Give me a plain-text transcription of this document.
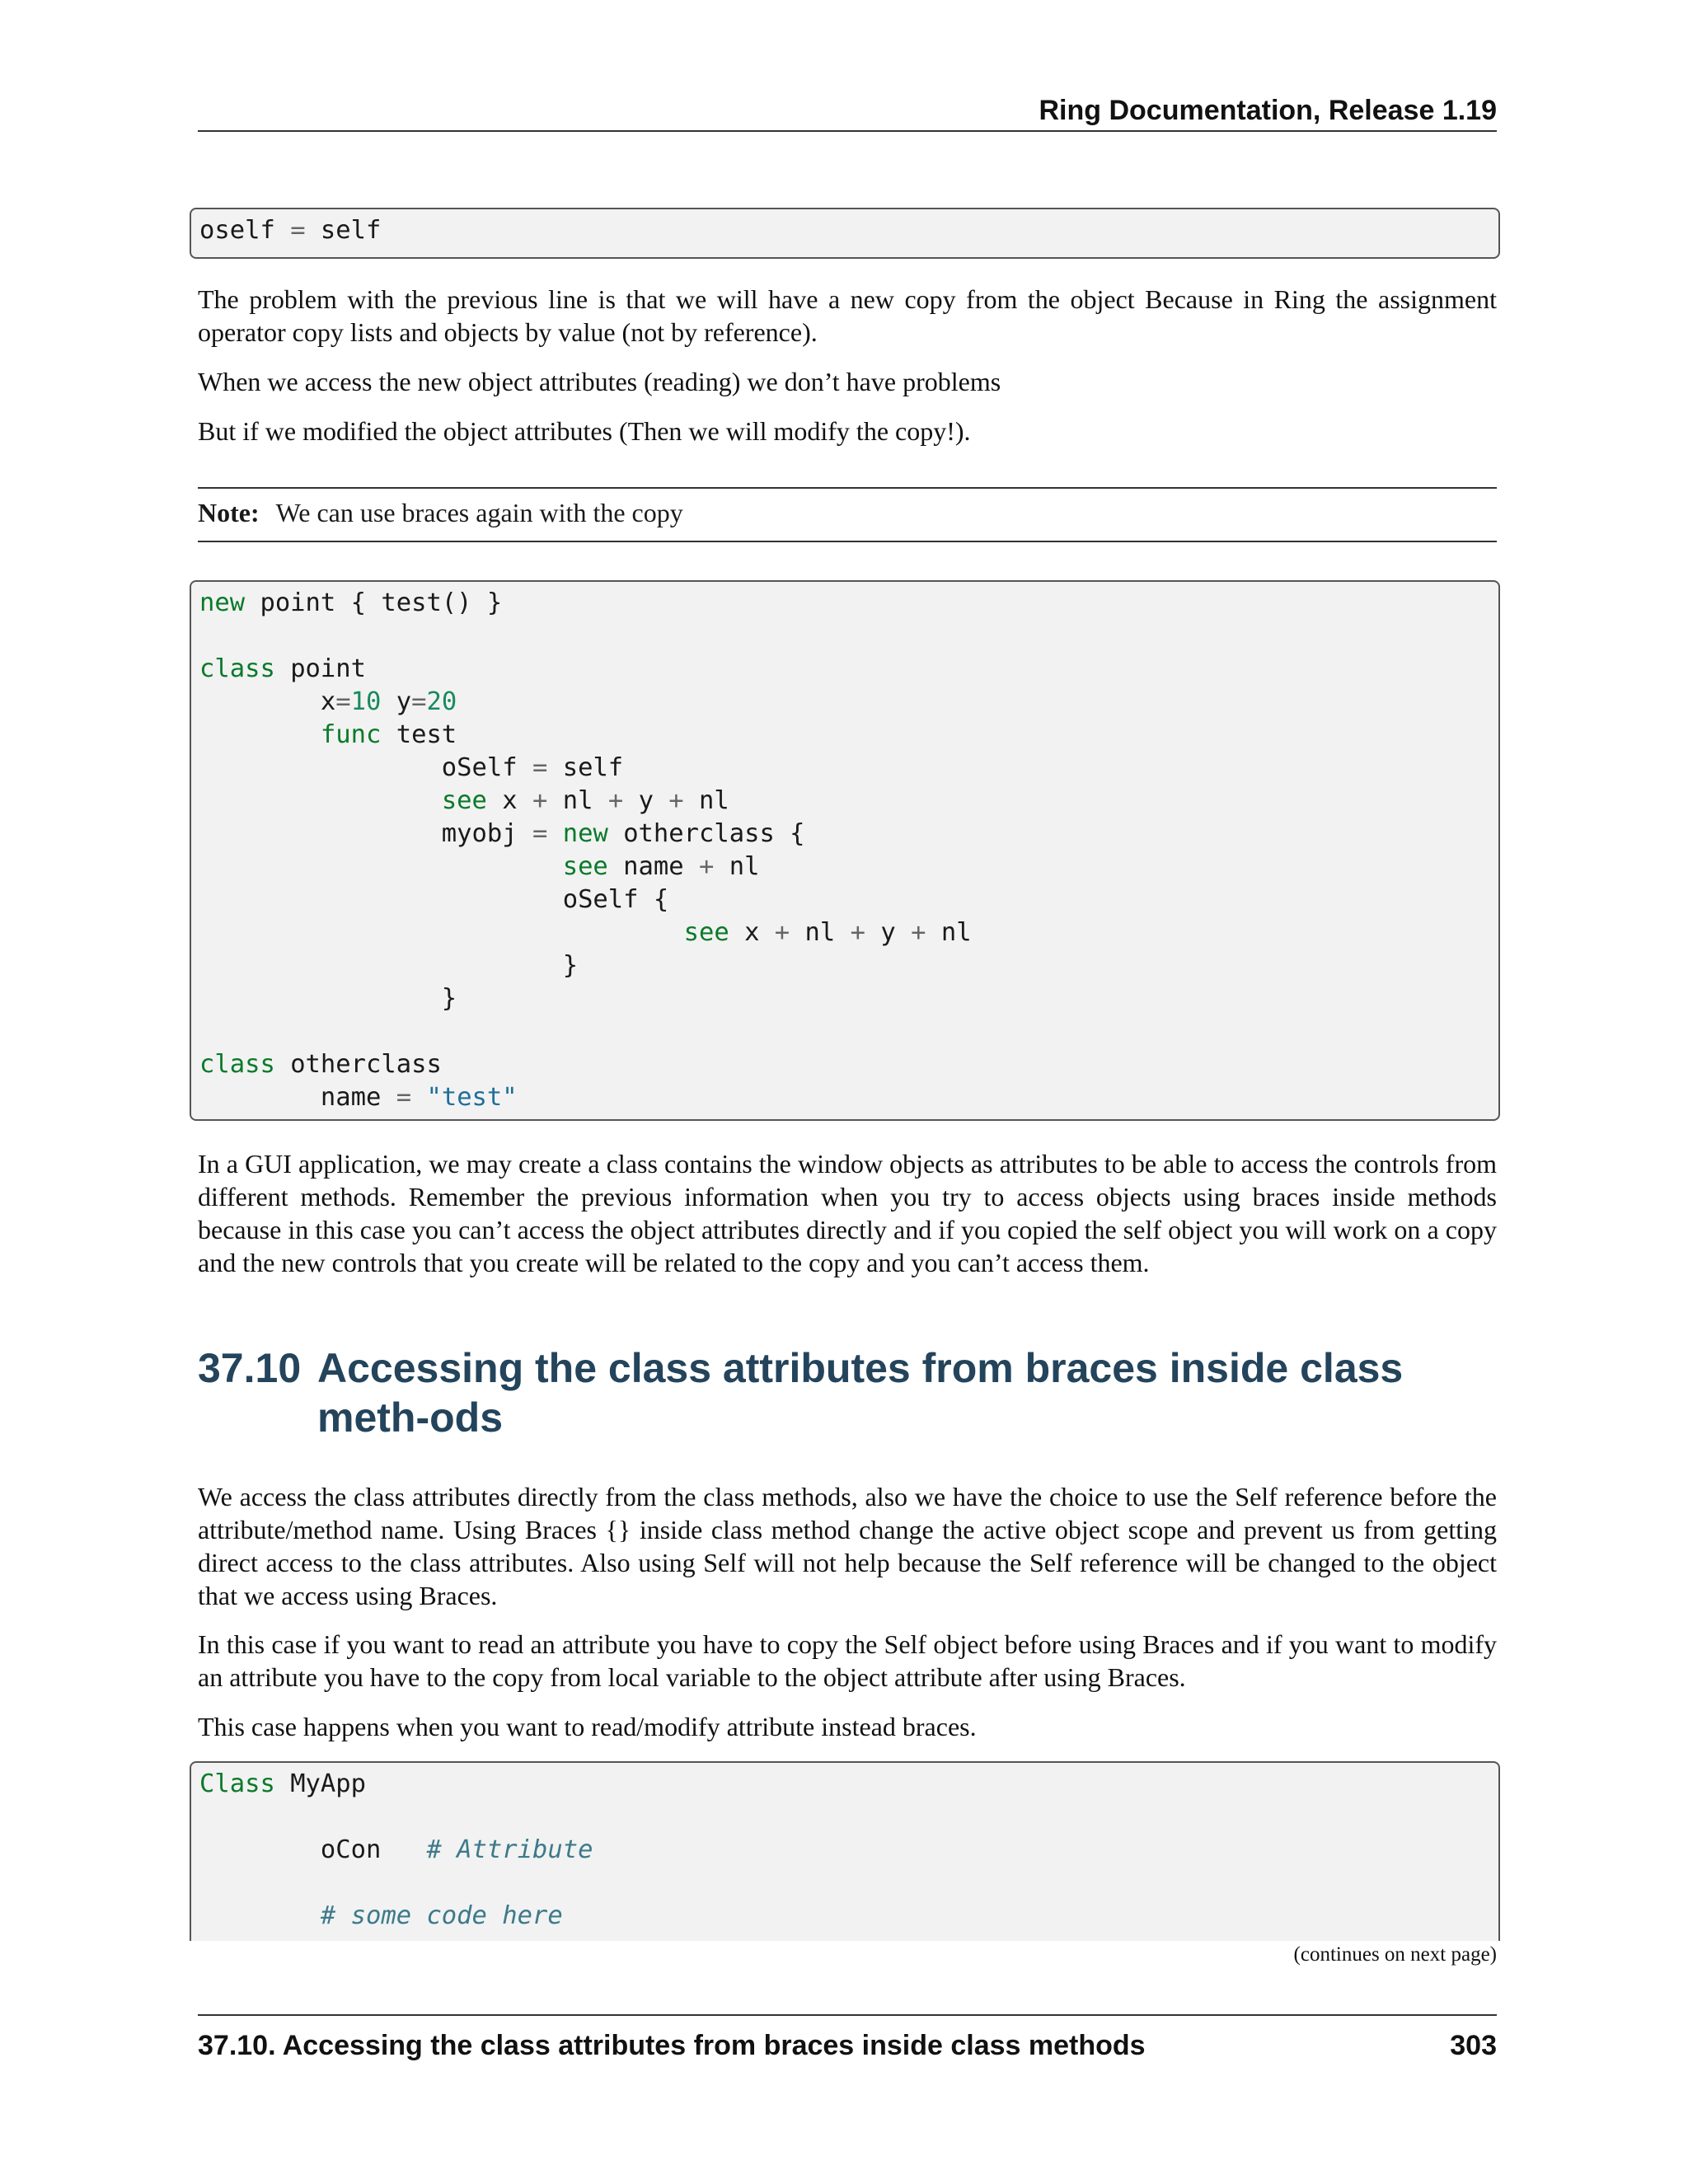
Ring Documentation, Release 1.19
oself = self

The problem with the previous line is that we will have a new copy from the object Because in Ring the assignment operator copy lists and objects by value (not by reference).

When we access the new object attributes (reading) we don’t have problems

But if we modified the object attributes (Then we will modify the copy!).

Note: We can use braces again with the copy
new point { test() }
class point
x=10 y=20
func test
oSelf = self
see x + nl + y + nl
myobj = new otherclass {
see name + nl
oSelf {
see x + nl + y + nl
}
}
class otherclass
name = "test"

In a GUI application, we may create a class contains the window objects as attributes to be able to access the controls from different methods. Remember the previous information when you try to access objects using braces inside methods because in this case you can’t access the object attributes directly and if you copied the self object you will work on a copy and the new controls that you create will be related to the copy and you can’t access them.

37.10 Accessing the class attributes from braces inside class meth-ods

We access the class attributes directly from the class methods, also we have the choice to use the Self reference before the attribute/method name. Using Braces {} inside class method change the active object scope and prevent us from getting direct access to the class attributes. Also using Self will not help because the Self reference will be changed to the object that we access using Braces.

In this case if you want to read an attribute you have to copy the Self object before using Braces and if you want to modify an attribute you have to the copy from local variable to the object attribute after using Braces.

This case happens when you want to read/modify attribute instead braces.

Class MyApp
oCon   # Attribute
# some code here
(continues on next page)
37.10. Accessing the class attributes from braces inside class methods	303
